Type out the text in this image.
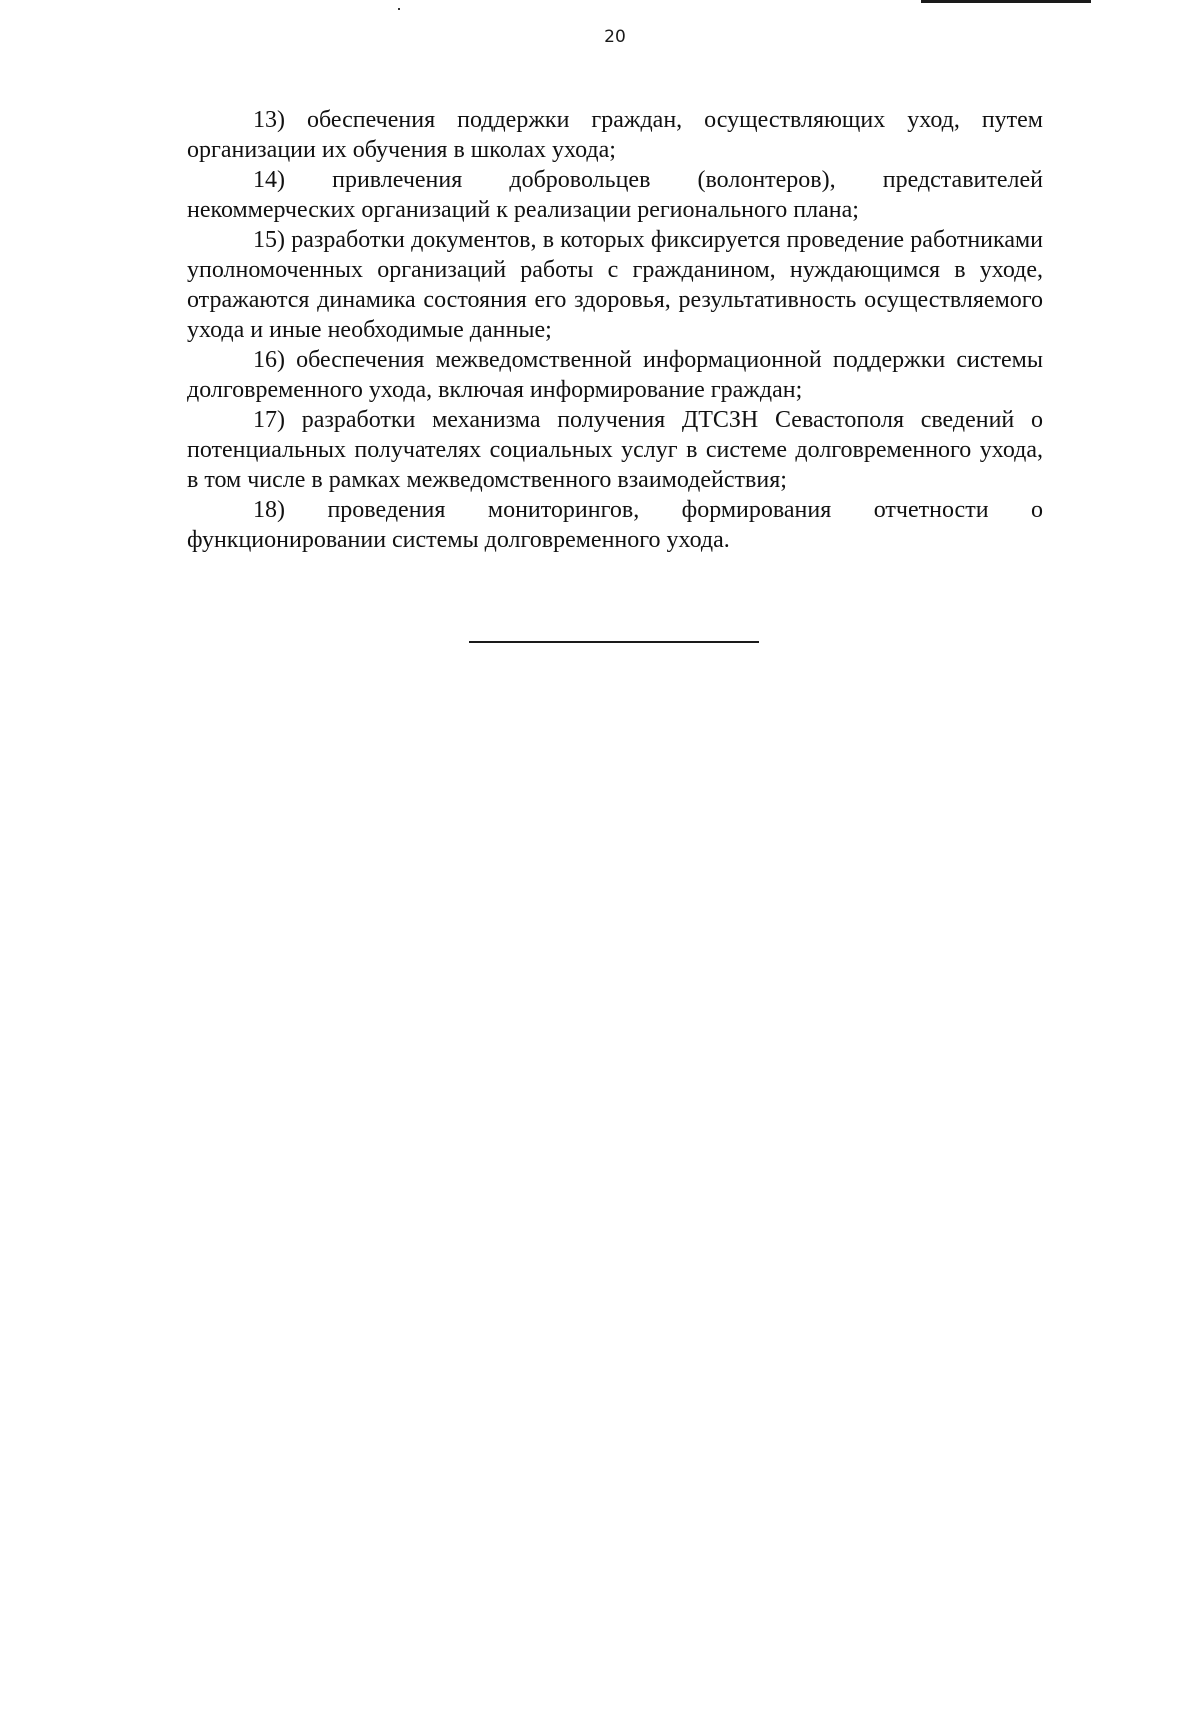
20

13) обеспечения поддержки граждан, осуществляющих уход, путем организации их обучения в школах ухода;

14) привлечения добровольцев (волонтеров), представителей некоммерческих организаций к реализации регионального плана;

15) разработки документов, в которых фиксируется проведение работниками уполномоченных организаций работы с гражданином, нуждающимся в уходе, отражаются динамика состояния его здоровья, результативность осуществляемого ухода и иные необходимые данные;

16) обеспечения межведомственной информационной поддержки системы долговременного ухода, включая информирование граждан;

17) разработки механизма получения ДТСЗН Севастополя сведений о потенциальных получателях социальных услуг в системе долговременного ухода, в том числе в рамках межведомственного взаимодействия;

18) проведения мониторингов, формирования отчетности о функционировании системы долговременного ухода.
